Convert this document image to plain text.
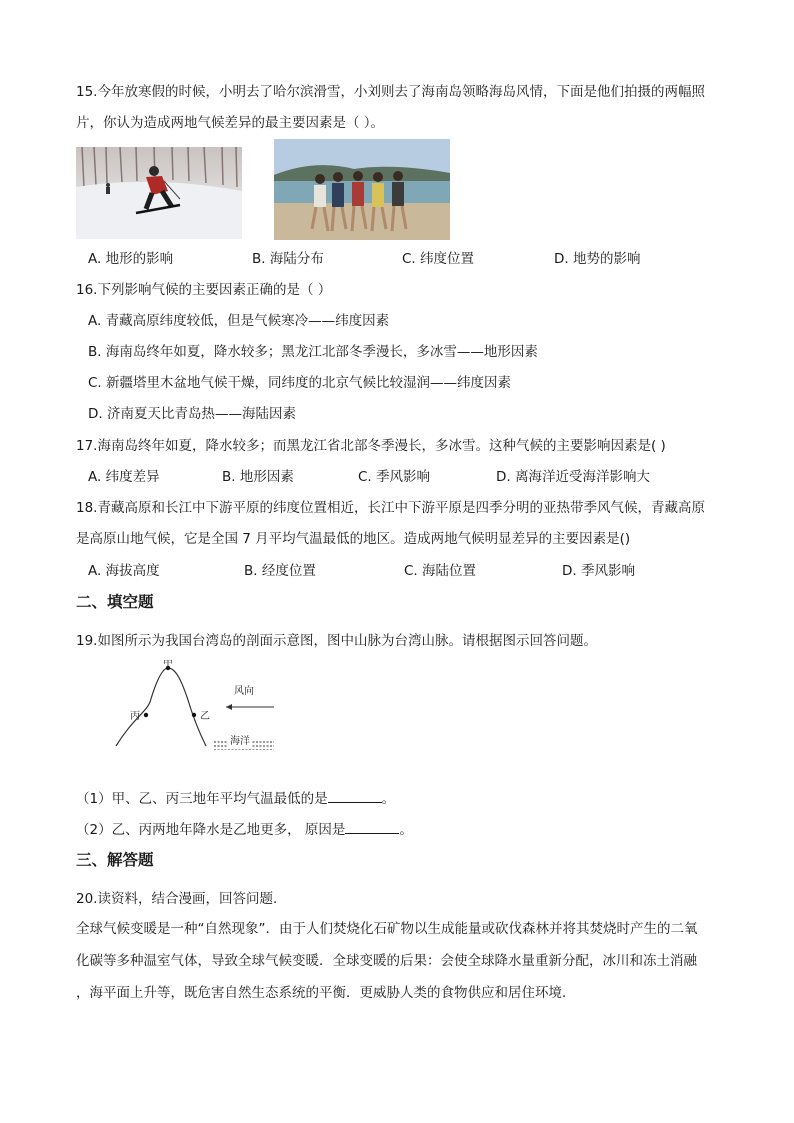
15.今年放寒假的时候，小明去了哈尔滨滑雪，小刘则去了海南岛领略海岛风情，下面是他们拍摄的两幅照
片，你认为造成两地气候差异的最主要因素是（ ）。
A. 地形的影响	B. 海陆分布	C. 纬度位置	D. 地势的影响
16.下列影响气候的主要因素正确的是（ ）
A. 青藏高原纬度较低，但是气候寒冷——纬度因素
B. 海南岛终年如夏，降水较多；黑龙江北部冬季漫长，多冰雪——地形因素
C. 新疆塔里木盆地气候干燥，同纬度的北京气候比较湿润——纬度因素
D. 济南夏天比青岛热——海陆因素
17.海南岛终年如夏，降水较多；而黑龙江省北部冬季漫长，多冰雪。这种气候的主要影响因素是( )
A. 纬度差异	B. 地形因素	C. 季风影响	D. 离海洋近受海洋影响大
18.青藏高原和长江中下游平原的纬度位置相近，长江中下游平原是四季分明的亚热带季风气候，青藏高原
是高原山地气候，它是全国 7 月平均气温最低的地区。造成两地气候明显差异的主要因素是()
A. 海拔高度	B. 经度位置	C. 海陆位置	D. 季风影响
二、填空题
19.如图所示为我国台湾岛的剖面示意图，图中山脉为台湾山脉。请根据图示回答问题。
甲
丙	乙
风向
海洋
（1）甲、乙、丙三地年平均气温最低的是	。
（2）乙、丙两地年降水是乙地更多， 原因是	。
三、解答题
20.读资料，结合漫画，回答问题．
全球气候变暖是一种“自然现象”．由于人们焚烧化石矿物以生成能量或砍伐森林并将其焚烧时产生的二氧
化碳等多种温室气体，导致全球气候变暖．全球变暖的后果：会使全球降水量重新分配，冰川和冻土消融
，海平面上升等，既危害自然生态系统的平衡．更威胁人类的食物供应和居住环境．
